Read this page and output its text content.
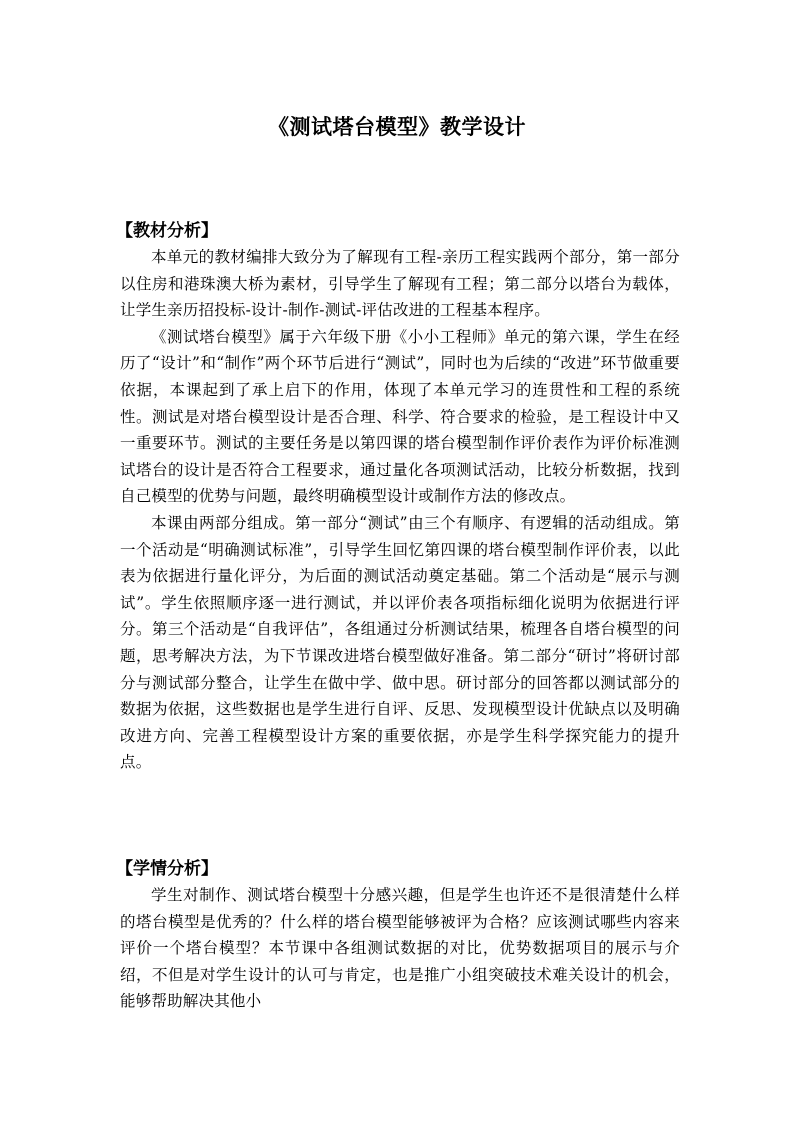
《测试塔台模型》教学设计

【教材分析】

本单元的教材编排大致分为了解现有工程-亲历工程实践两个部分，第一部分以住房和港珠澳大桥为素材，引导学生了解现有工程；第二部分以塔台为载体，让学生亲历招投标-设计-制作-测试-评估改进的工程基本程序。

《测试塔台模型》属于六年级下册《小小工程师》单元的第六课，学生在经历了“设计”和“制作”两个环节后进行“测试”，同时也为后续的“改进”环节做重要依据，本课起到了承上启下的作用，体现了本单元学习的连贯性和工程的系统性。测试是对塔台模型设计是否合理、科学、符合要求的检验，是工程设计中又一重要环节。测试的主要任务是以第四课的塔台模型制作评价表作为评价标准测试塔台的设计是否符合工程要求，通过量化各项测试活动，比较分析数据，找到自己模型的优势与问题，最终明确模型设计或制作方法的修改点。

本课由两部分组成。第一部分“测试”由三个有顺序、有逻辑的活动组成。第一个活动是“明确测试标准”，引导学生回忆第四课的塔台模型制作评价表，以此表为依据进行量化评分，为后面的测试活动奠定基础。第二个活动是“展示与测试”。学生依照顺序逐一进行测试，并以评价表各项指标细化说明为依据进行评分。第三个活动是“自我评估”，各组通过分析测试结果，梳理各自塔台模型的问题，思考解决方法，为下节课改进塔台模型做好准备。第二部分“研讨”将研讨部分与测试部分整合，让学生在做中学、做中思。研讨部分的回答都以测试部分的数据为依据，这些数据也是学生进行自评、反思、发现模型设计优缺点以及明确改进方向、完善工程模型设计方案的重要依据，亦是学生科学探究能力的提升点。

【学情分析】

学生对制作、测试塔台模型十分感兴趣，但是学生也许还不是很清楚什么样的塔台模型是优秀的？什么样的塔台模型能够被评为合格？应该测试哪些内容来评价一个塔台模型？本节课中各组测试数据的对比，优势数据项目的展示与介绍，不但是对学生设计的认可与肯定，也是推广小组突破技术难关设计的机会，能够帮助解决其他小
